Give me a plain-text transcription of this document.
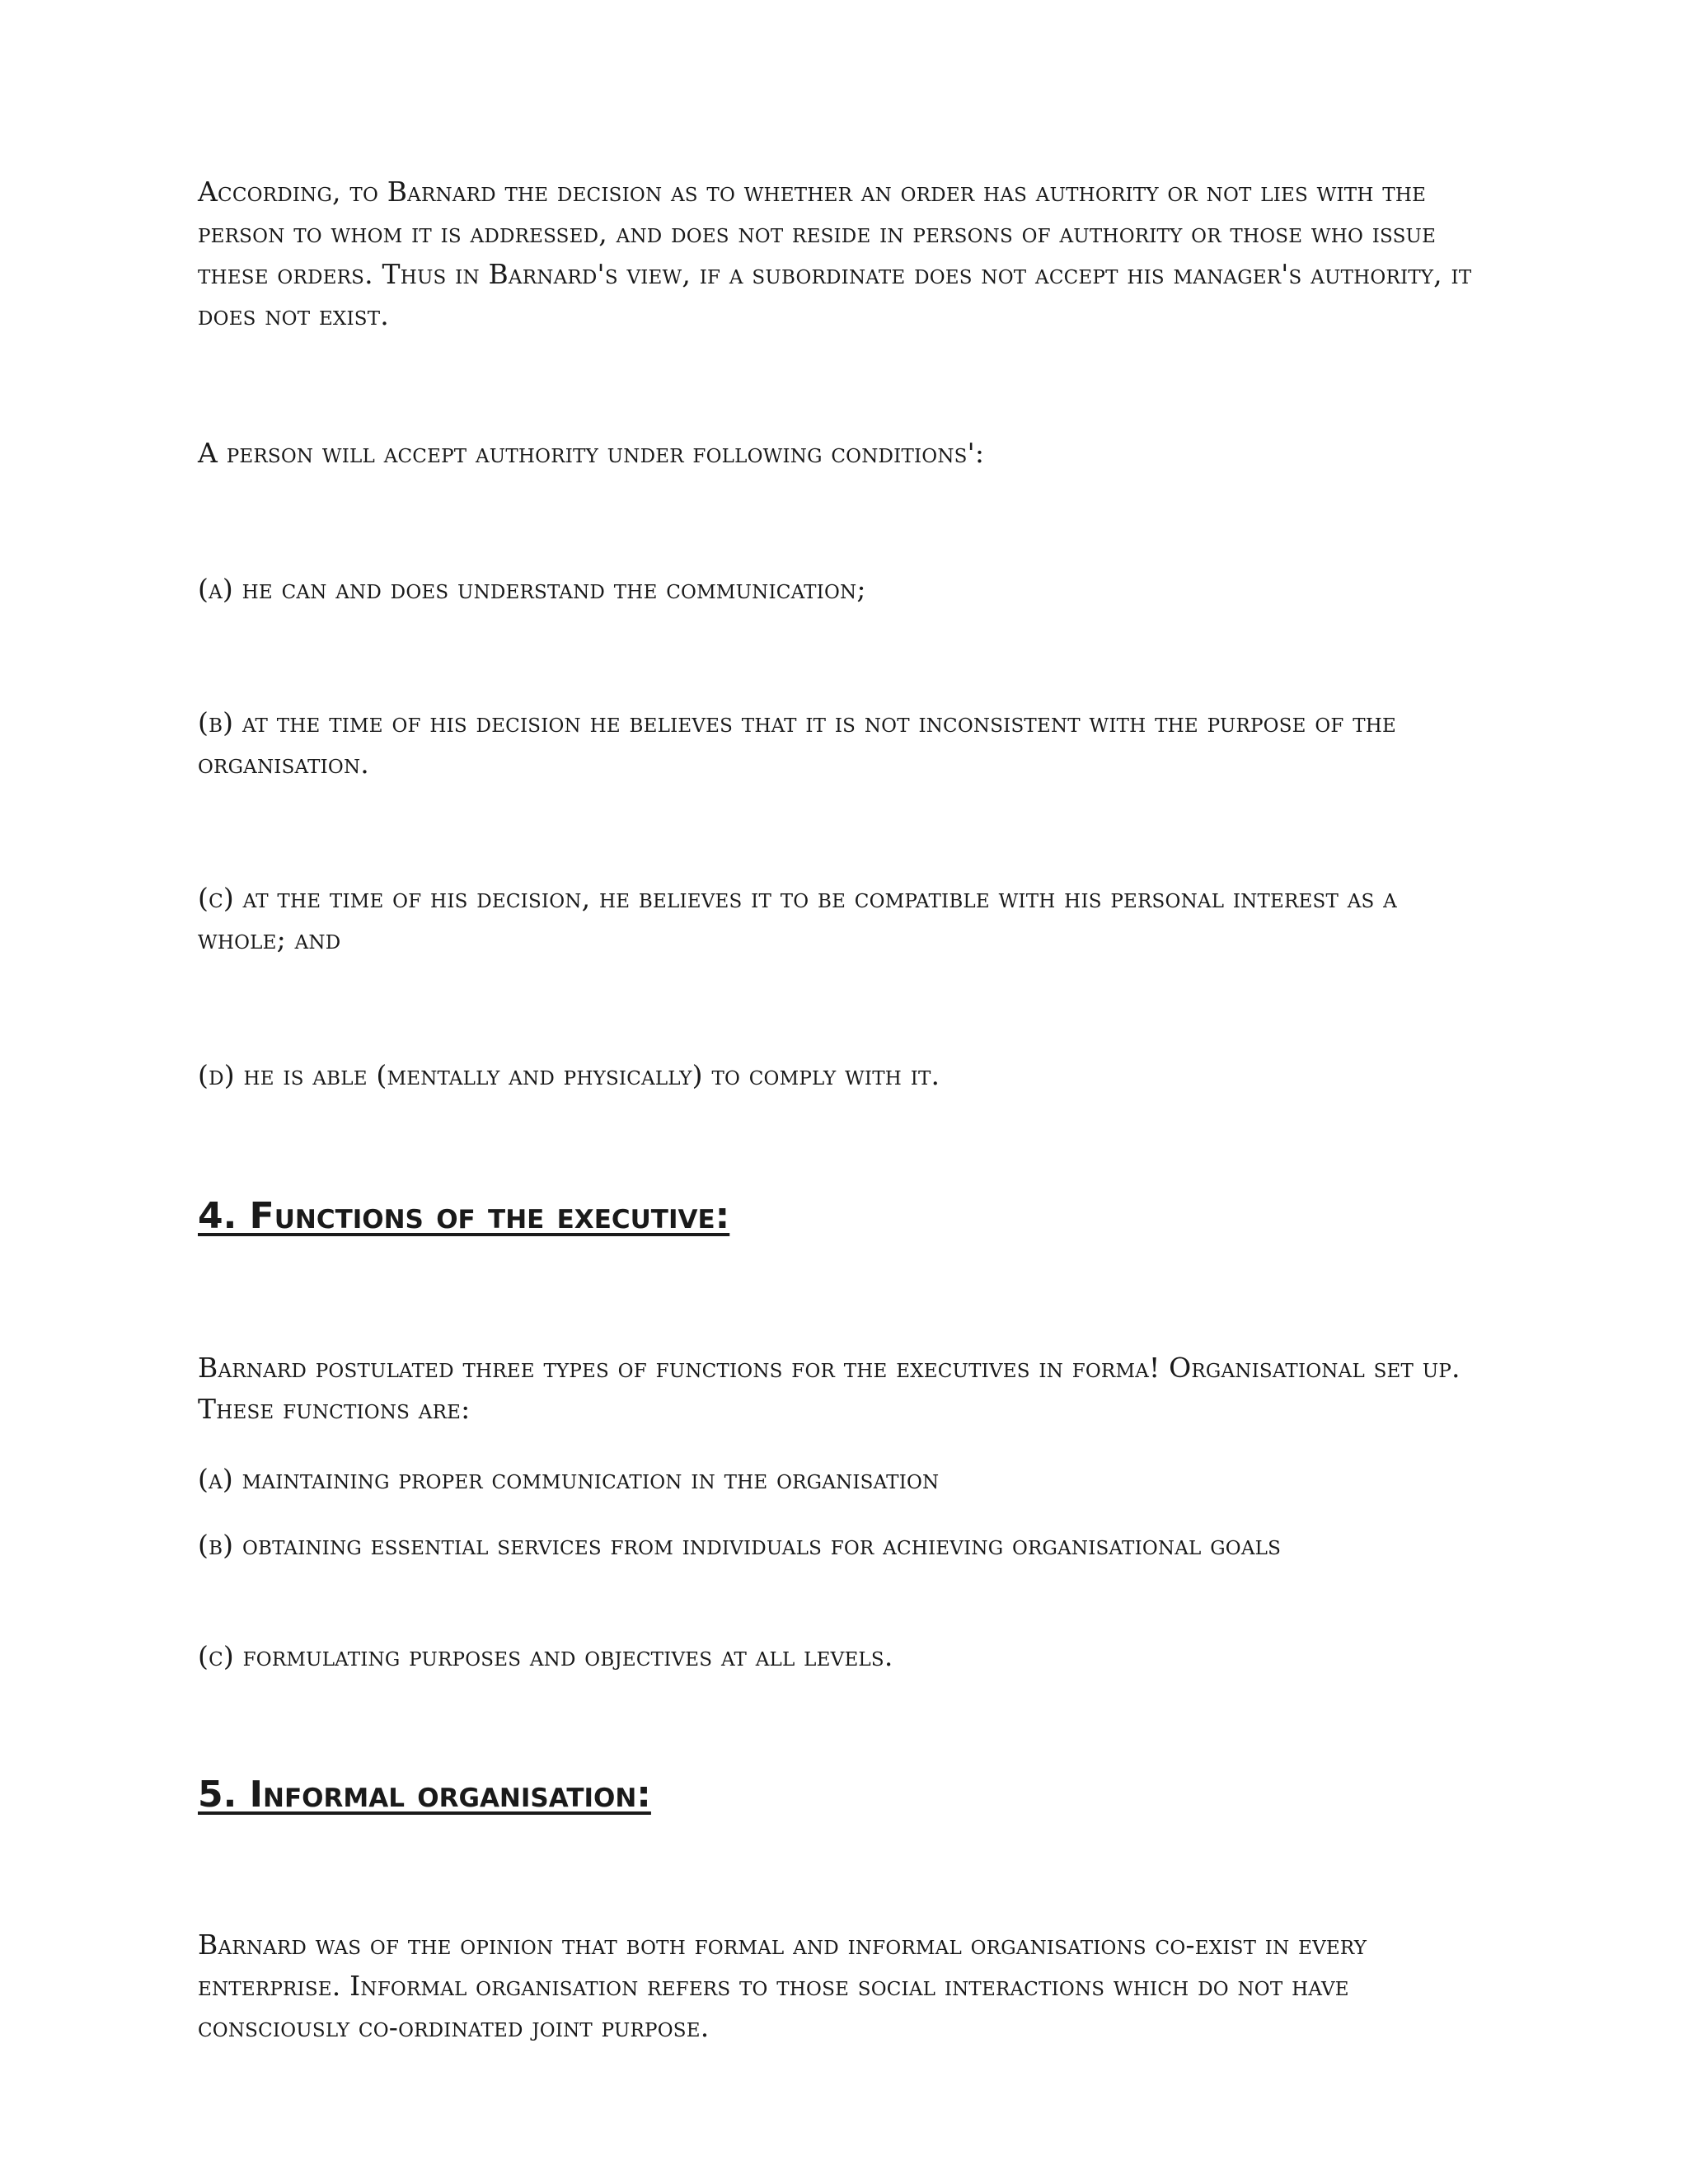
According, to Barnard the decision as to whether an order has authority or not lies with the person to whom it is addressed, and does not reside in persons of authority or those who issue these orders. Thus in Barnard's view, if a subordinate does not accept his manager's authority, it does not exist.

A person will accept authority under following conditions':

(a) he can and does understand the communication;

(b) at the time of his decision he believes that it is not inconsistent with the purpose of the organisation.

(c) at the time of his decision, he believes it to be compatible with his personal interest as a whole; and

(d) he is able (mentally and physically) to comply with it.

4. Functions of the executive:

Barnard postulated three types of functions for the executives in forma! Organisational set up. These functions are:

(a) maintaining proper communication in the organisation

(b) obtaining essential services from individuals for achieving organisational goals

(c) formulating purposes and objectives at all levels.

5. Informal organisation:

Barnard was of the opinion that both formal and informal organisations co-exist in every enterprise. Informal organisation refers to those social interactions which do not have consciously co-ordinated joint purpose.
